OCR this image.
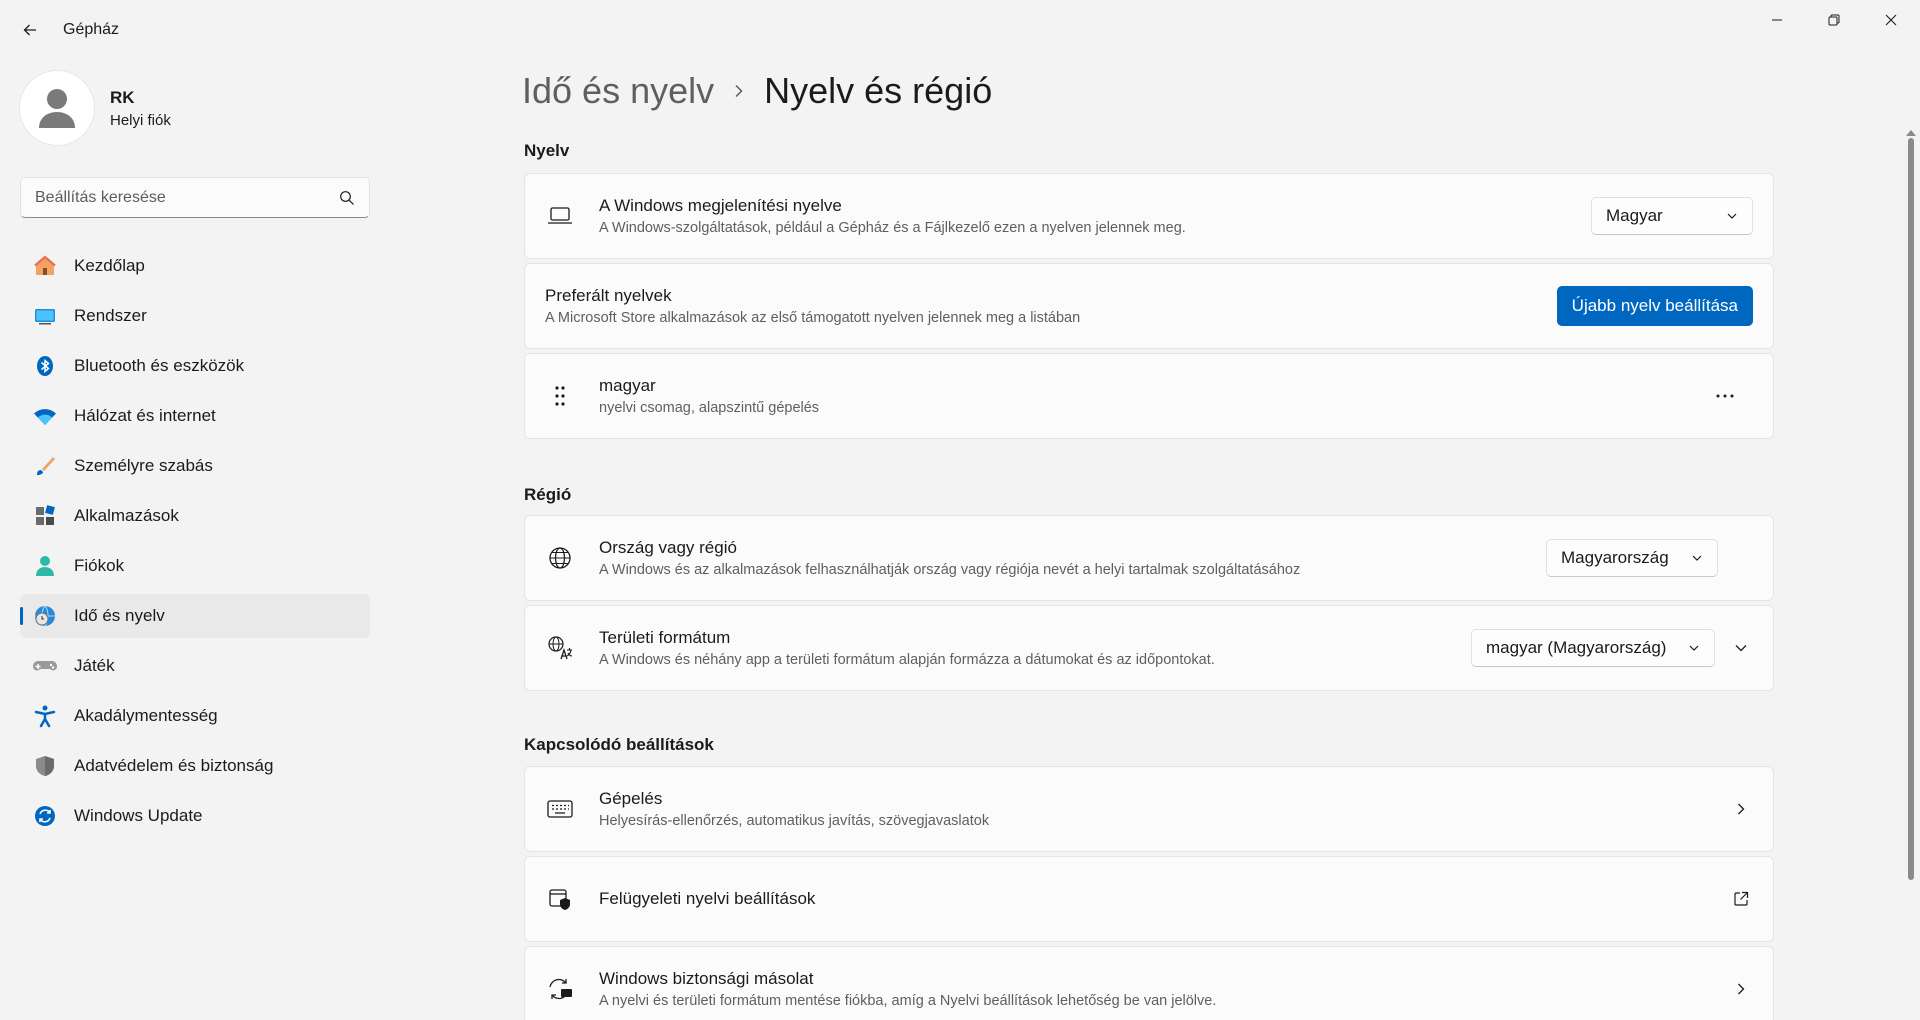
Gépház
RK
Helyi fiók
Beállítás keresése
Kezdőlap
Rendszer
Bluetooth és eszközök
Hálózat és internet
Személyre szabás
Alkalmazások
Fiókok
Idő és nyelv
Játék
Akadálymentesség
Adatvédelem és biztonság
Windows Update
Idő és nyelv Nyelv és régió
Nyelv
A Windows megjelenítési nyelve
A Windows-szolgáltatások, például a Gépház és a Fájlkezelő ezen a nyelven jelennek meg.
Magyar
Preferált nyelvek
A Microsoft Store alkalmazások az első támogatott nyelven jelennek meg a listában
Újabb nyelv beállítása
magyar
nyelvi csomag, alapszintű gépelés
Régió
Ország vagy régió
A Windows és az alkalmazások felhasználhatják ország vagy régiója nevét a helyi tartalmak szolgáltatásához
Magyarország
Területi formátum
A Windows és néhány app a területi formátum alapján formázza a dátumokat és az időpontokat.
magyar (Magyarország)
Kapcsolódó beállítások
Gépelés
Helyesírás-ellenőrzés, automatikus javítás, szövegjavaslatok
Felügyeleti nyelvi beállítások
Windows biztonsági másolat
A nyelvi és területi formátum mentése fiókba, amíg a Nyelvi beállítások lehetőség be van jelölve.
